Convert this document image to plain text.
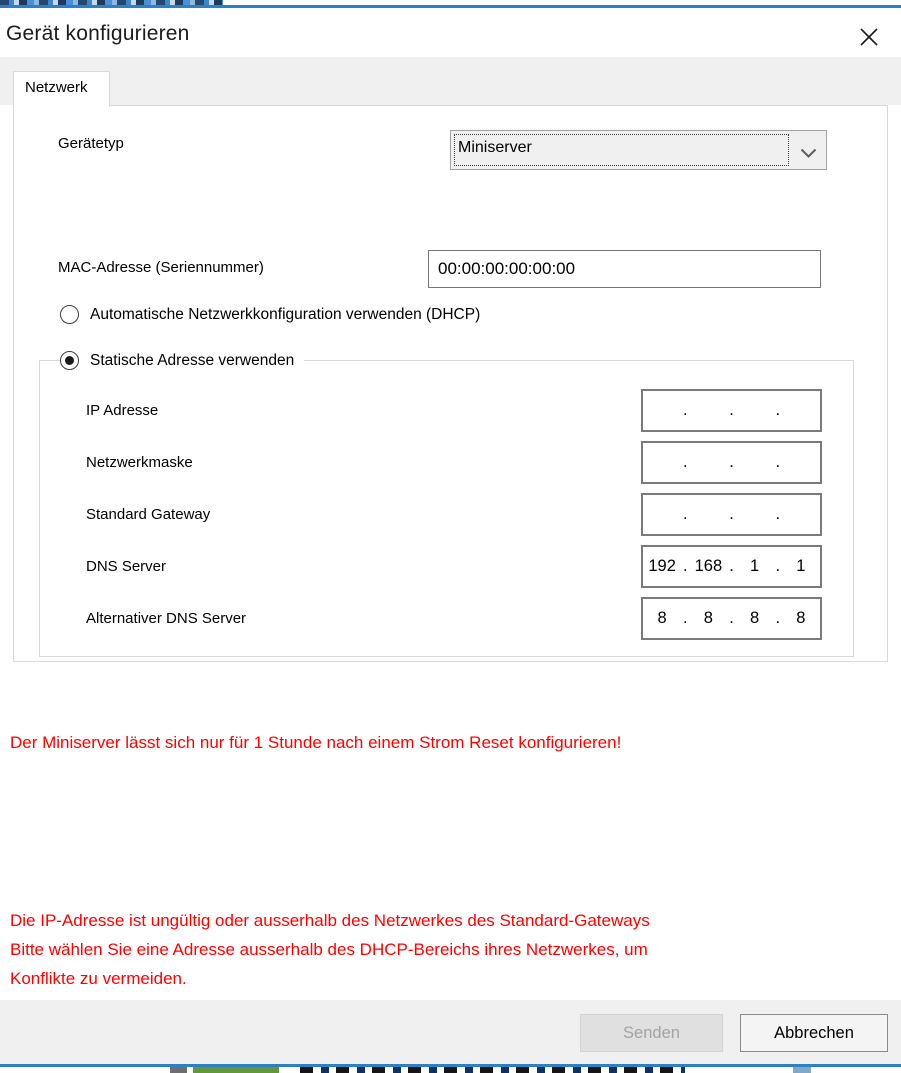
Gerät konfigurieren
Netzwerk
Gerätetyp	Miniserver
MAC-Adresse (Seriennummer)
00:00:00:00:00:00
Automatische Netzwerkkonfiguration verwenden (DHCP)
Statische Adresse verwenden
IP Adresse	.	.	.
Netzwerkmaske	.	.	.
Standard Gateway	.	.	.
DNS Server	192 . 168 . 1 . 1
Alternativer DNS Server	8 . 8 . 8 . 8
Der Miniserver lässt sich nur für 1 Stunde nach einem Strom Reset konfigurieren!
Die IP-Adresse ist ungültig oder ausserhalb des Netzwerkes des Standard-Gateways
Bitte wählen Sie eine Adresse ausserhalb des DHCP-Bereichs ihres Netzwerkes, um
Konflikte zu vermeiden.
Senden	Abbrechen
